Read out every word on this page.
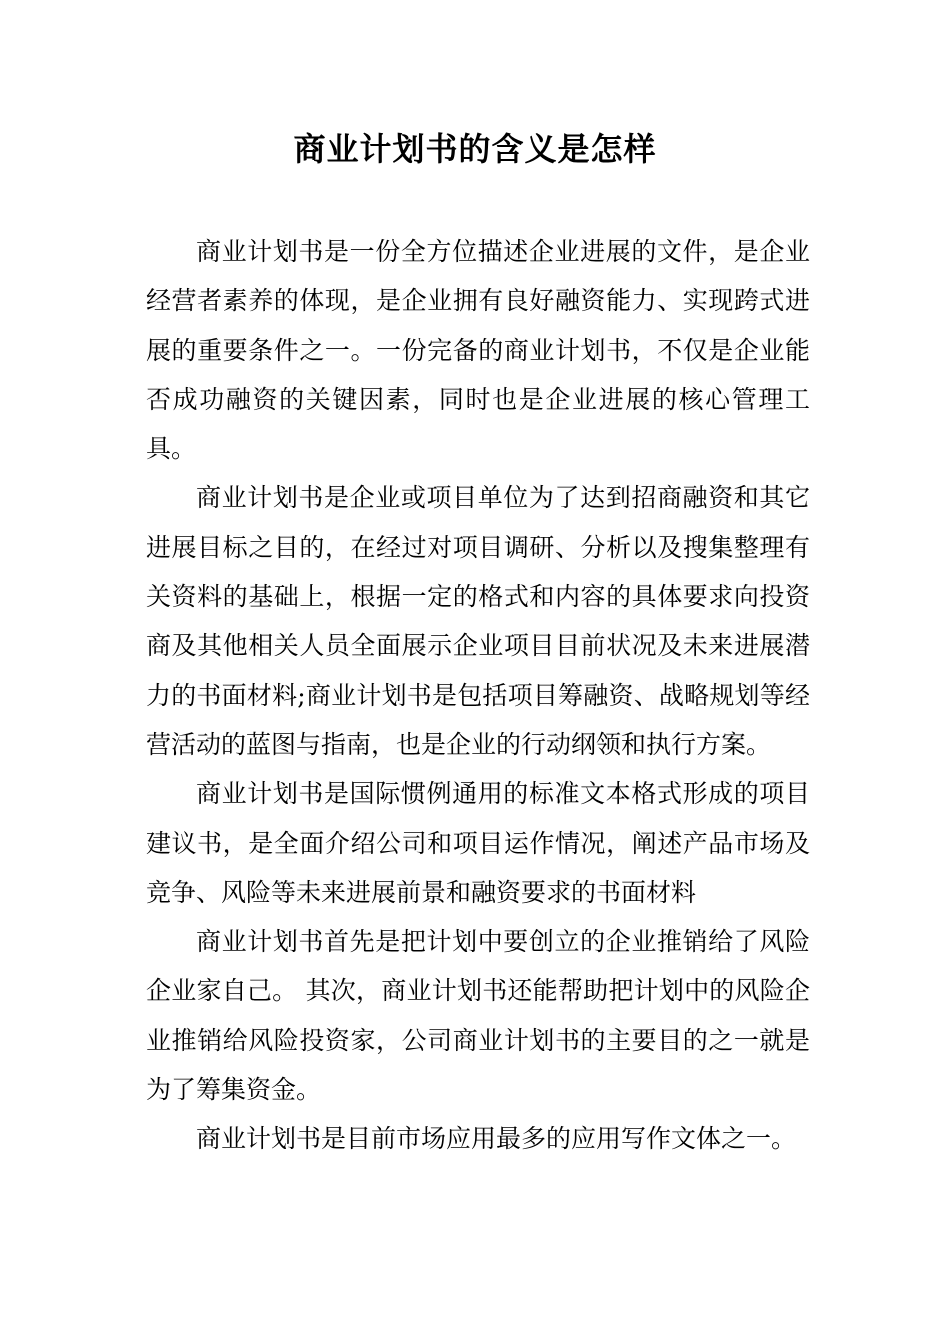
商业计划书的含义是怎样

商业计划书是一份全方位描述企业进展的文件，是企业经营者素养的体现，是企业拥有良好融资能力、实现跨式进展的重要条件之一。一份完备的商业计划书，不仅是企业能否成功融资的关键因素，同时也是企业进展的核心管理工具。

商业计划书是企业或项目单位为了达到招商融资和其它进展目标之目的，在经过对项目调研、分析以及搜集整理有关资料的基础上，根据一定的格式和内容的具体要求向投资商及其他相关人员全面展示企业项目目前状况及未来进展潜力的书面材料;商业计划书是包括项目筹融资、战略规划等经营活动的蓝图与指南，也是企业的行动纲领和执行方案。

商业计划书是国际惯例通用的标准文本格式形成的项目建议书，是全面介绍公司和项目运作情况，阐述产品市场及竞争、风险等未来进展前景和融资要求的书面材料

商业计划书首先是把计划中要创立的企业推销给了风险企业家自己。 其次，商业计划书还能帮助把计划中的风险企业推销给风险投资家，公司商业计划书的主要目的之一就是为了筹集资金。

商业计划书是目前市场应用最多的应用写作文体之一。
